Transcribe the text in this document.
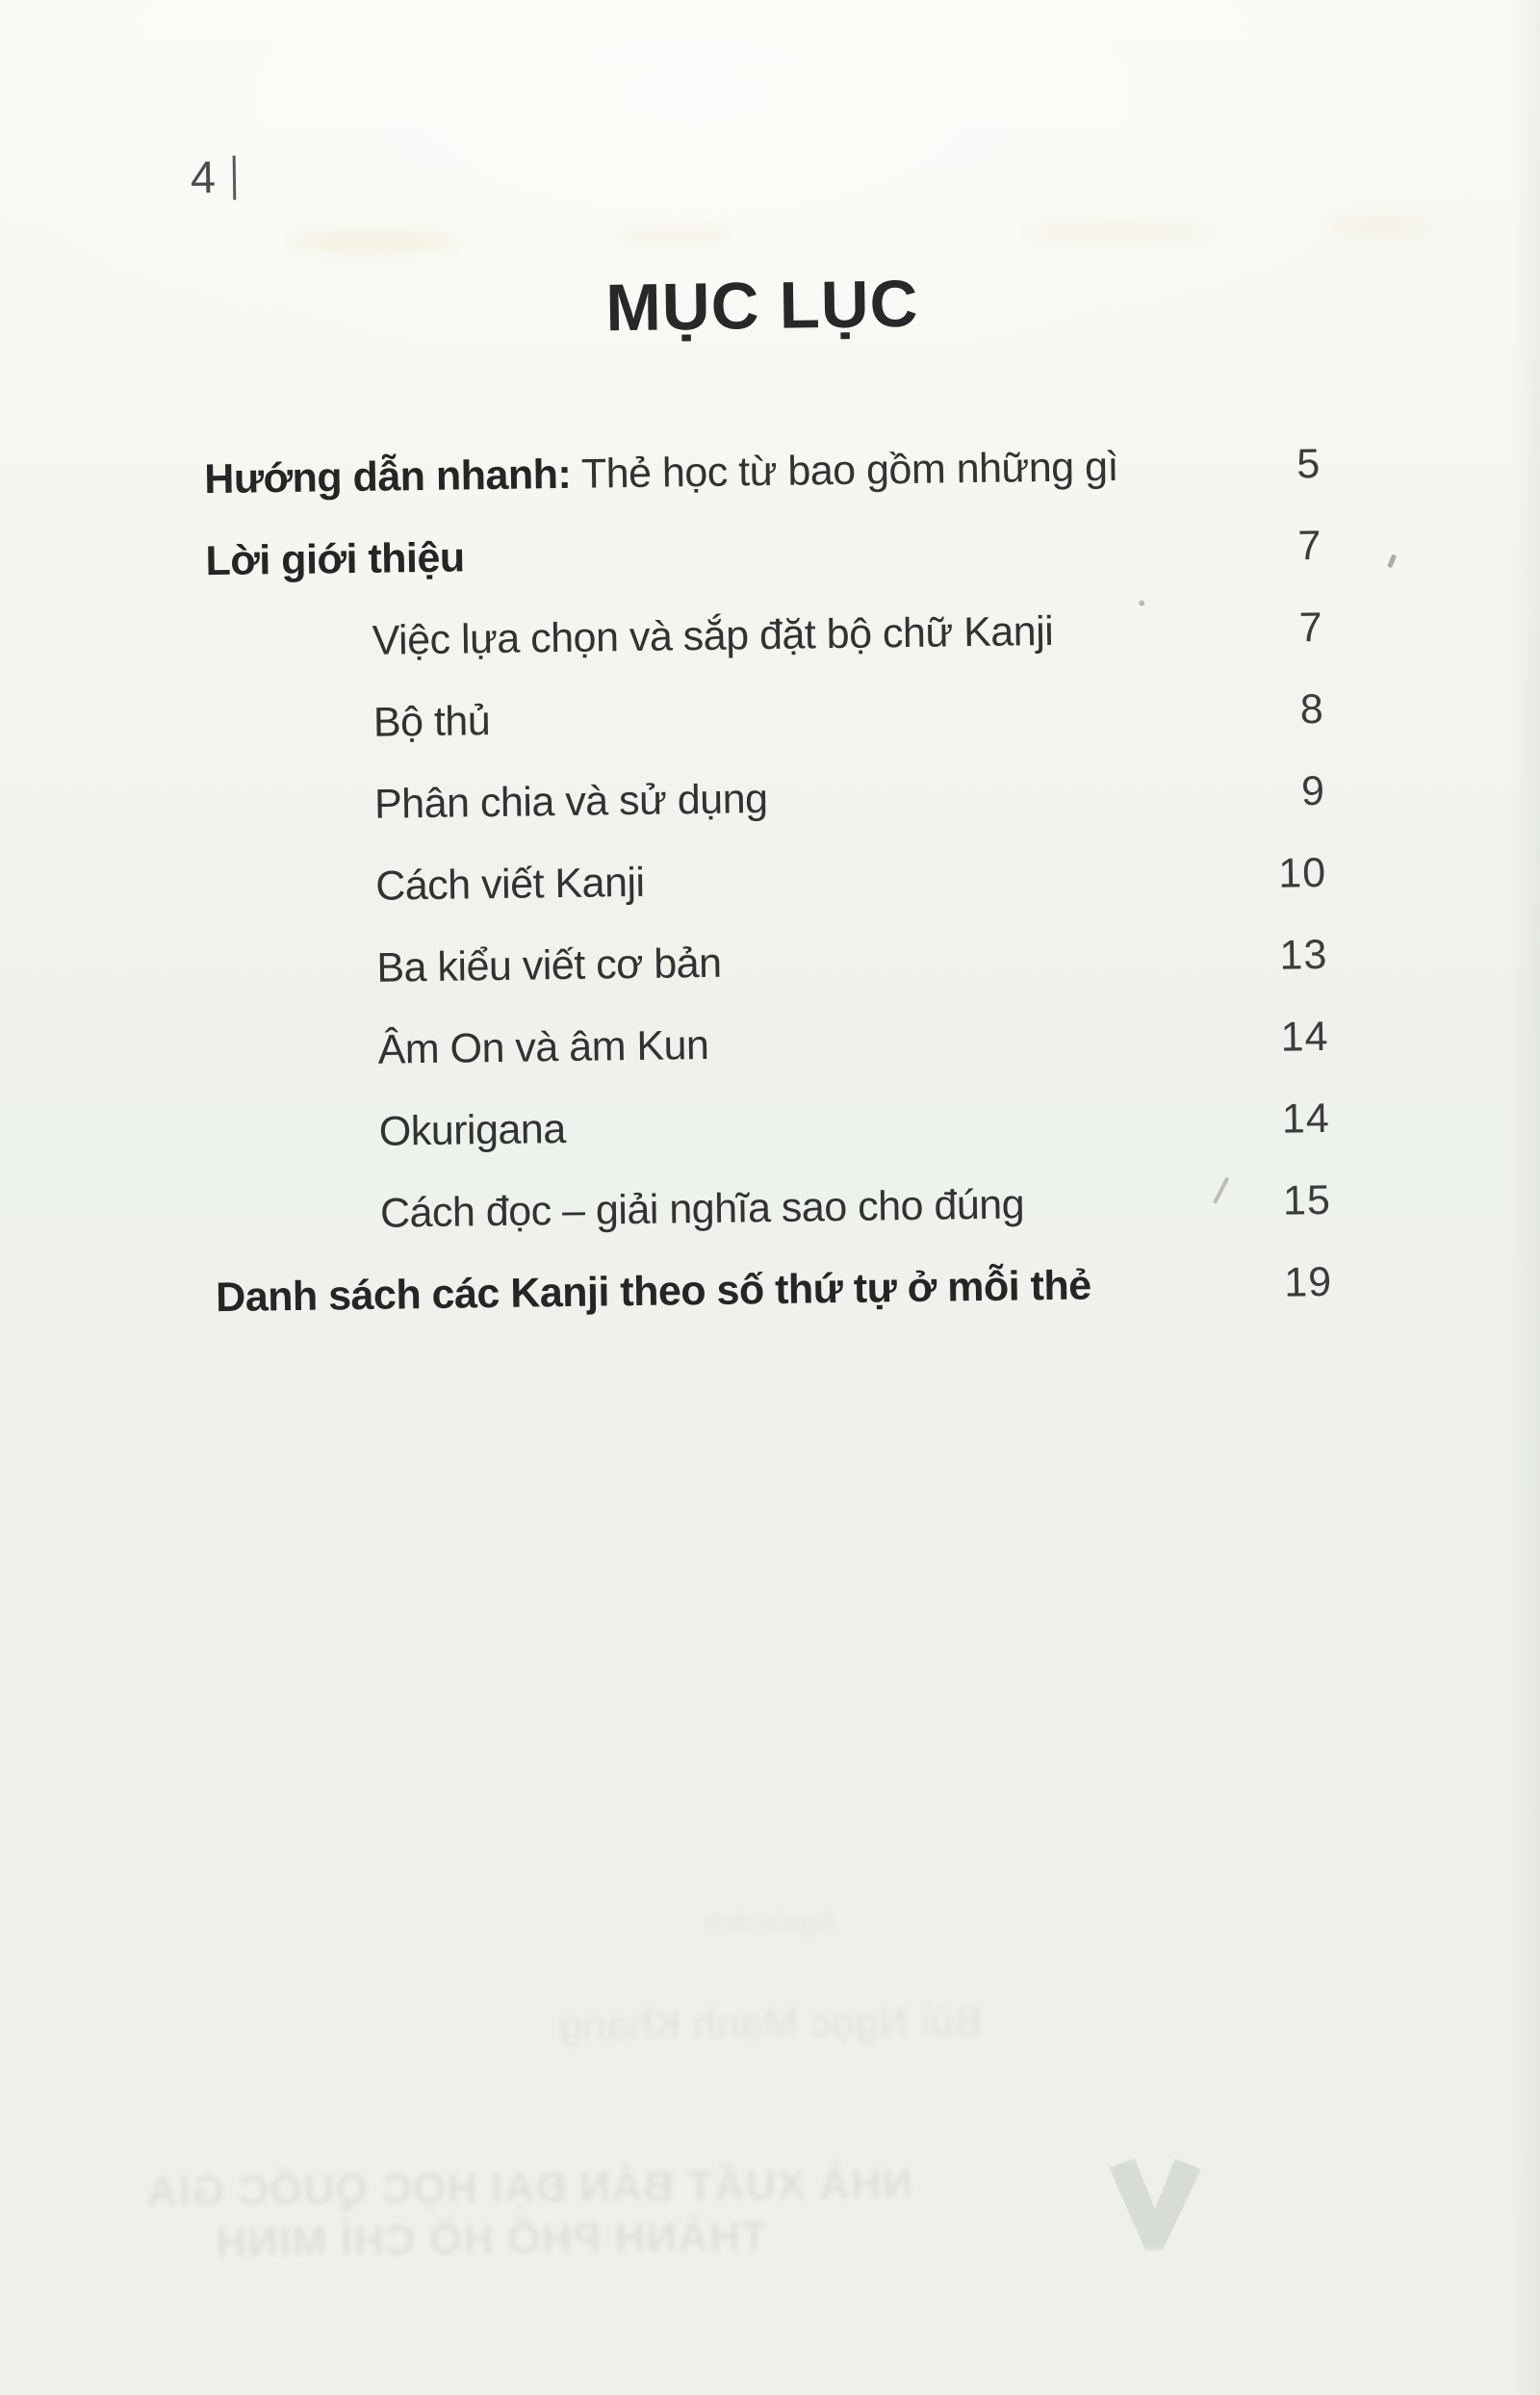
4
MỤC LỤC
Hướng dẫn nhanh: Thẻ học từ bao gồm những gì	5
Lời giới thiệu	7
Việc lựa chọn và sắp đặt bộ chữ Kanji	7
Bộ thủ	8
Phân chia và sử dụng	9
Cách viết Kanji	10
Ba kiểu viết cơ bản	13
Âm On và âm Kun	14
Okurigana	14
Cách đọc – giải nghĩa sao cho đúng	15
Danh sách các Kanji theo số thứ tự ở mỗi thẻ	19
Người dịch
Bùi Ngọc Mạnh Khang
NHÀ XUẤT BẢN ĐẠI HỌC QUỐC GIA
THÀNH PHỐ HỒ CHÍ MINH
